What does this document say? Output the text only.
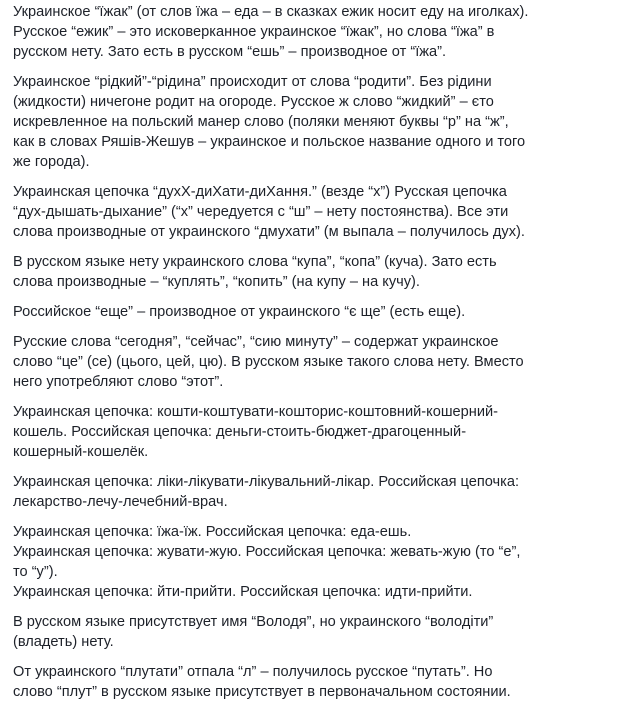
Украинское “їжак” (от слов їжа – еда – в сказках ежик носит еду на иголках).
Русское “ежик” – это исковерканное украинское “їжак”, но слова “їжа” в
русском нету. Зато есть в русском “ешь” – производное от “їжа”.

Украинское “рідкий”-“рідина” происходит от слова “родити”. Без рідини
(жидкости) ничегоне родит на огороде. Русское ж слово “жидкий” – єто
искревленное на польский манер слово (поляки меняют буквы “р” на “ж”,
как в словах Ряшів-Жешув – украинское и польское название одного и того
же города).

Украинская цепочка “духХ-диХати-диХання.” (везде “х”) Русская цепочка
“дух-дышать-дыхание” (“х” чередуется с “ш” – нету постоянства). Все эти
слова производные от украинского “дмухати” (м выпала – получилось дух).

В русском языке нету украинского слова “купа”, “копа” (куча). Зато есть
слова производные – “куплять”, “копить” (на купу – на кучу).

Российское “еще” – производное от украинского “є ще” (есть еще).

Русские слова “сегодня”, “сейчас”, “сию минуту” – содержат украинское
слово “це” (се) (цього, цей, цю). В русском языке такого слова нету. Вместо
него употребляют слово “этот”.

Украинская цепочка: кошти-коштувати-кошторис-коштовний-кошерний-
кошель. Российская цепочка: деньги-стоить-бюджет-драгоценный-
кошерный-кошелёк.

Украинская цепочка: ліки-лікувати-лікувальний-лікар. Российская цепочка:
лекарство-лечу-лечебний-врач.

Украинская цепочка: їжа-їж. Российская цепочка: еда-ешь.
Украинская цепочка: жувати-жую. Российская цепочка: жевать-жую (то “е”,
то “у”).
Украинская цепочка: йти-прийти. Российская цепочка: идти-прийти.

В русском языке присутствует имя “Володя”, но украинского “володіти”
(владеть) нету.

От украинского “плутати” отпала “л” – получилось русское “путать”. Но
слово “плут” в русском языке присутствует в первоначальном состоянии.
